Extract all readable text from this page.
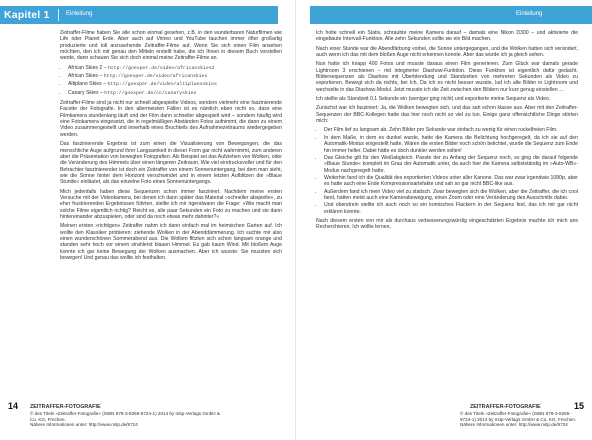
Kapitel 1	Einleitung

Zeitraffer-Filme haben Sie alle schon einmal gesehen, z.B. in den wunderbaren Naturfilmen wie Life oder Planet Erde. Aber auch auf Vimeo und YouTube tauchen immer öfter großartig produzierte und toll anzusehende Zeitraffer-Filme auf. Wenn Sie sich einen Film ansehen möchten, den ich mit genau den Mitteln erstellt habe, die ich Ihnen in diesem Buch vorstellen werde, dann schauen Sie sich doch einmal meine Zeitraffer-Filme an.

• African Skies 2 – http://goexper.de/video/africanskies2
• African Skies – http://goexper.de/video/africanskies
• Altiplano Skies – http://goexper.de/video/altiplanoskies
• Canary Skies – http://goexper.de/cc/canaryskies

Zeitraffer-Filme sind ja nicht nur schnell abgespielte Videos, sondern vielmehr eine faszinierende Facette der Fotografie. In den allermeisten Fällen ist es nämlich eben nicht so, dass eine Filmkamera stundenlang läuft und der Film dann schneller abgespielt wird – sondern häufig wird eine Fotokamera eingesetzt, die in regelmäßigen Abständen Fotos aufnimmt, die dann zu einem Video zusammengestellt und innerhalb eines Bruchteils des Aufnahmezeitraums wiedergegeben werden.

Das faszinierende Ergebnis ist zum einen die Visualisierung von Bewegungen, die das menschliche Auge aufgrund ihrer Langsamkeit in dieser Form gar nicht wahrnimmt, zum anderen aber die Präsentation von bewegten Fotografien. Als Beispiel sei das Aufziehen von Wolken, oder die Veränderung des Himmels über einen längeren Zeitraum. Wie viel eindrucksvoller und für den Betrachter faszinierender ist doch ein Zeitraffer von einem Sonnenuntergang, bei dem man sieht, wie die Sonne hinter dem Horizont verschwindet und in einem letzten Aufblitzen die »Blaue Stunde« einläutet, als das einzelne Foto eines Sonnenuntergangs.

Mich jedenfalls haben diese Sequenzen schon immer fasziniert. Nachdem meine ersten Versuche mit der Videokamera, bei denen ich dann später das Material »schneller abspielte«, zu eher frustrierenden Ergebnissen führten, stellte ich mir irgendwann die Frage: »Wie macht man solche Filme eigentlich richtig? Reicht es, alle paar Sekunden ein Foto zu machen und sie dann hintereinander abzuspielen, oder sind da noch etwas mehr dahinter?«

Meinen ersten »richtigen« Zeitraffer nahm ich dann einfach mal im heimischen Garten auf. Ich wollte den Klassiker probieren: ziehende Wolken in der Abenddämmerung. Ich suchte mir also einen wunderschönen Sommerabend aus. Die Wolken flitzten sich schon langsam orange und standen sehr hoch vor einem strahlend blauen Himmel. Es gab kaum Wind. Mit bloßem Auge konnte ich gar keine Bewegung der Wolken ausmachen. Aber ich wusste: Sie mussten sich bewegen! Und genau das wollte ich festhalten.

14 ZEITRAFFER-FOTOGRAFIE
© des Titels »Zeitraffer-Fotografie« (ISBN 978-3-8266-9724-1) 2014 by mitp-Verlags GmbH & Co. KG, Frechen.
Nähere Informationen unter: http://www.mitp.de/9724
Einleitung

Ich holte schnell ein Stativ, schraubte meine Kamera darauf – damals eine Nikon D300 – und aktivierte die eingebaute Intervall-Funktion. Alle zehn Sekunden sollte sie ein Bild machen.

Nach einer Stunde war die Abendfärbung vorbei, die Sonne untergegangen, und die Wolken hatten sich verändert, auch wenn ich das mit dem bloßen Auge nicht erkennen konnte. Aber das würde ich ja gleich sehen.

Nun hatte ich knapp 400 Fotos und musste daraus einen Film generieren. Zum Glück war damals gerade Lightroom 3 erschienen – mit integrierter Diashow-Funktion. Diese Funktion ist eigentlich dafür gedacht, Bildersequenzen als Diashow mit Überblendung und Standzeiten von mehreren Sekunden als Video zu exportieren. Bewegt sich da nichts, bei Ich, Da ich es nicht besser wusste, lud ich alle Bilder in Lightroom und wechselte in das Diashow-Modul. Jetzt musste ich die Zeit zwischen den Bildern nur kurz genug einstellen …

Ich stellte als Standzeit 0,1 Sekunde ein (weniger ging nicht) und exportierte meine Sequenz als Video.

Zunächst war ich fasziniert: Ja, die Wolken bewegten sich, und das sah schon klasse aus. Aber mit den Zeitraffer-Sequenzen der BBC-Kollegen hatte das hier noch nicht so viel zu tun. Einige ganz offensichtliche Dinge störten mich:

• Der Film lief zu langsam ab. Zehn Bilder pro Sekunde war einfach zu wenig für einen ruckelfreien Film.
• In dem Maße, in dem es dunkel wurde, hatte die Kamera die Belichtung hochgeregelt, da ich sie auf den Automatik-Modus eingestellt hatte. Wären die ersten Bilder noch schön belichtet, wurde die Sequenz zum Ende hin immer heller. Dabei hätte es doch dunkler werden sollen!
• Das Gleiche gilt für den Weißabgleich. Passte der zu Anfang der Sequenz noch, so ging die darauf folgende »Blaue Stunde« komplett im Grau der Automatik unter, da auch hier die Kamera selbstständig im »Auto-WB«-Modus nachgeregelt hatte.
• Weiterhin fand ich die Qualität des exportierten Videos unter aller Kanone. Das war zwar irgendwie 1080p, aber es hatte auch eine Ende Kompressionsartefakte und sah so gar nicht BBC-like aus.
• Außerdem fand ich mein Video viel zu statisch. Zwar bewegten sich die Wolken, aber die Zeitraffer, die ich cool fand, hatten meist auch eine Kamerabewegung, einen Zoom oder eine Veränderung des Ausschnitts dabei.
• Und obendrein stellte ich auch noch so ein komisches Flackern in der Sequenz fest, das ich mir gar nicht erklären konnte.

Nach diesem ersten von mir als durchaus verbesserungswürdig eingeschätzten Ergebnis machte ich mich ans Recherchieren. Ich wollte lernen,

ZEITRAFFER-FOTOGRAFIE	15
© des Titels »Zeitraffer-Fotografie« (ISBN 978-3-8266-9724-1) 2014 by mitp-Verlags GmbH & Co. KG, Frechen.
Nähere Informationen unter: http://www.mitp.de/9724
